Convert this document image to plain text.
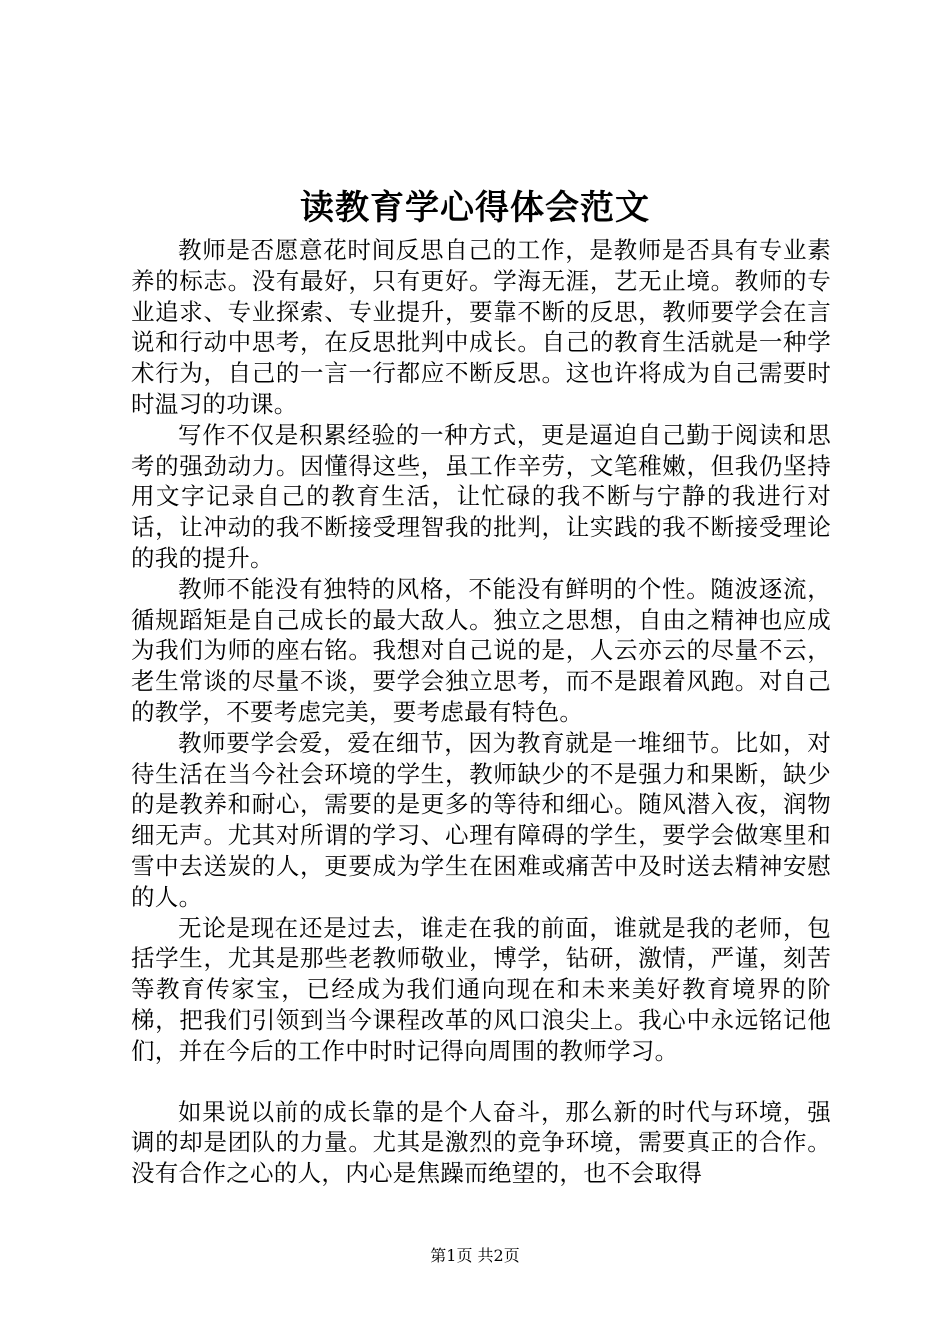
读教育学心得体会范文

教师是否愿意花时间反思自己的工作，是教师是否具有专业素养的标志。没有最好，只有更好。学海无涯，艺无止境。教师的专业追求、专业探索、专业提升，要靠不断的反思，教师要学会在言说和行动中思考，在反思批判中成长。自己的教育生活就是一种学术行为，自己的一言一行都应不断反思。这也许将成为自己需要时时温习的功课。

写作不仅是积累经验的一种方式，更是逼迫自己勤于阅读和思考的强劲动力。因懂得这些，虽工作辛劳，文笔稚嫩，但我仍坚持用文字记录自己的教育生活，让忙碌的我不断与宁静的我进行对话，让冲动的我不断接受理智我的批判，让实践的我不断接受理论的我的提升。

教师不能没有独特的风格，不能没有鲜明的个性。随波逐流，循规蹈矩是自己成长的最大敌人。独立之思想，自由之精神也应成为我们为师的座右铭。我想对自己说的是，人云亦云的尽量不云，老生常谈的尽量不谈，要学会独立思考，而不是跟着风跑。对自己的教学，不要考虑完美，要考虑最有特色。

教师要学会爱，爱在细节，因为教育就是一堆细节。比如，对待生活在当今社会环境的学生，教师缺少的不是强力和果断，缺少的是教养和耐心，需要的是更多的等待和细心。随风潜入夜，润物细无声。尤其对所谓的学习、心理有障碍的学生，要学会做寒里和雪中去送炭的人，更要成为学生在困难或痛苦中及时送去精神安慰的人。

无论是现在还是过去，谁走在我的前面，谁就是我的老师，包括学生，尤其是那些老教师敬业，博学，钻研，激情，严谨，刻苦等教育传家宝，已经成为我们通向现在和未来美好教育境界的阶梯，把我们引领到当今课程改革的风口浪尖上。我心中永远铭记他们，并在今后的工作中时时记得向周围的教师学习。

如果说以前的成长靠的是个人奋斗，那么新的时代与环境，强调的却是团队的力量。尤其是激烈的竞争环境，需要真正的合作。没有合作之心的人，内心是焦躁而绝望的，也不会取得

第1页 共2页
